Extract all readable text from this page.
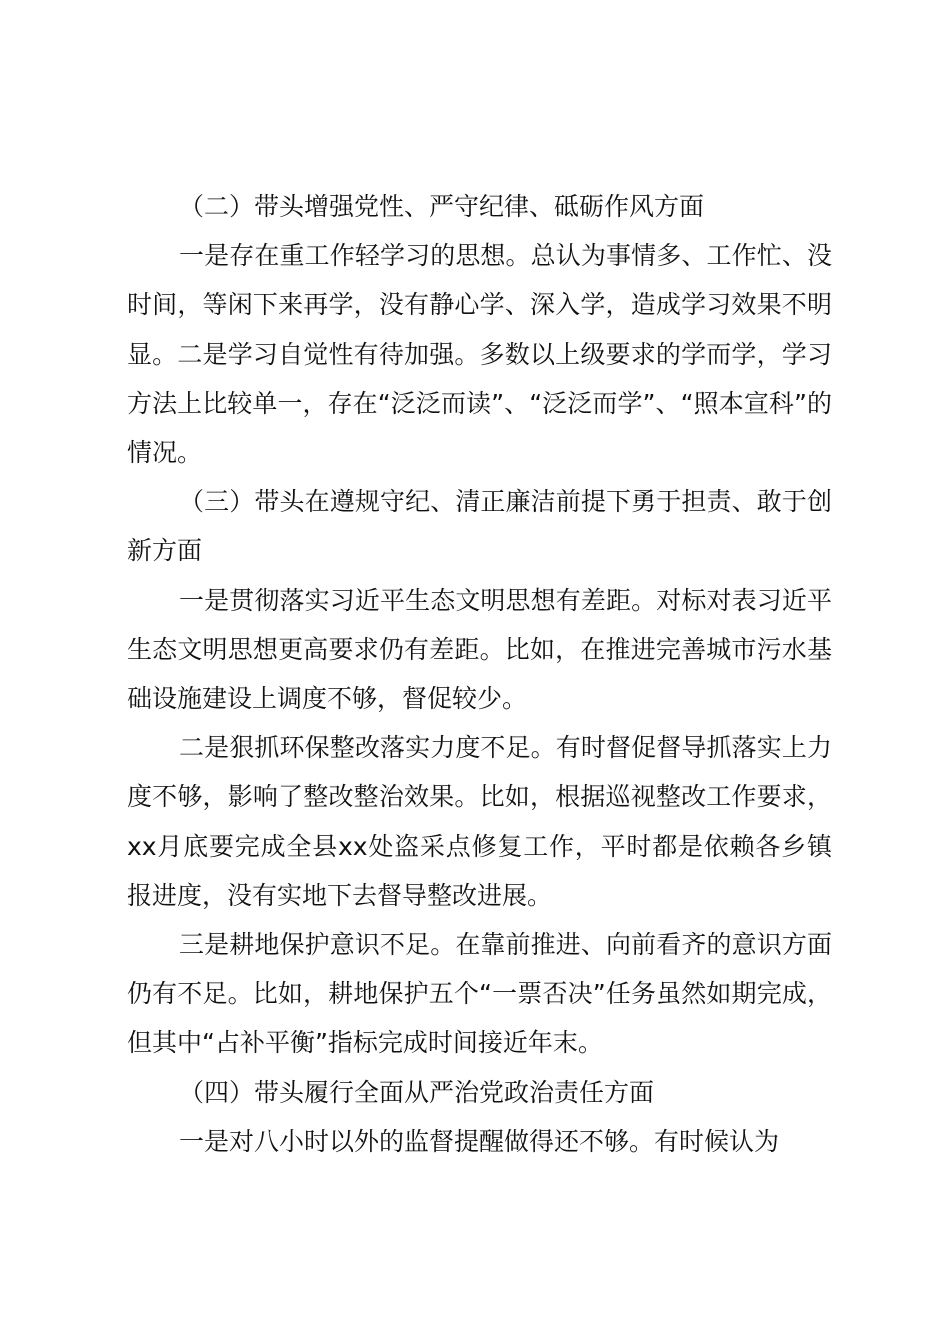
（二）带头增强党性、严守纪律、砥砺作风方面

一是存在重工作轻学习的思想。总认为事情多、工作忙、没时间，等闲下来再学，没有静心学、深入学，造成学习效果不明显。二是学习自觉性有待加强。多数以上级要求的学而学，学习方法上比较单一，存在“泛泛而读”、“泛泛而学”、“照本宣科”的情况。

（三）带头在遵规守纪、清正廉洁前提下勇于担责、敢于创新方面

一是贯彻落实习近平生态文明思想有差距。对标对表习近平生态文明思想更高要求仍有差距。比如，在推进完善城市污水基础设施建设上调度不够，督促较少。

二是狠抓环保整改落实力度不足。有时督促督导抓落实上力度不够，影响了整改整治效果。比如，根据巡视整改工作要求，xx月底要完成全县xx处盗采点修复工作，平时都是依赖各乡镇报进度，没有实地下去督导整改进展。

三是耕地保护意识不足。在靠前推进、向前看齐的意识方面仍有不足。比如，耕地保护五个“一票否决”任务虽然如期完成，但其中“占补平衡”指标完成时间接近年末。

（四）带头履行全面从严治党政治责任方面

一是对八小时以外的监督提醒做得还不够。有时候认为
